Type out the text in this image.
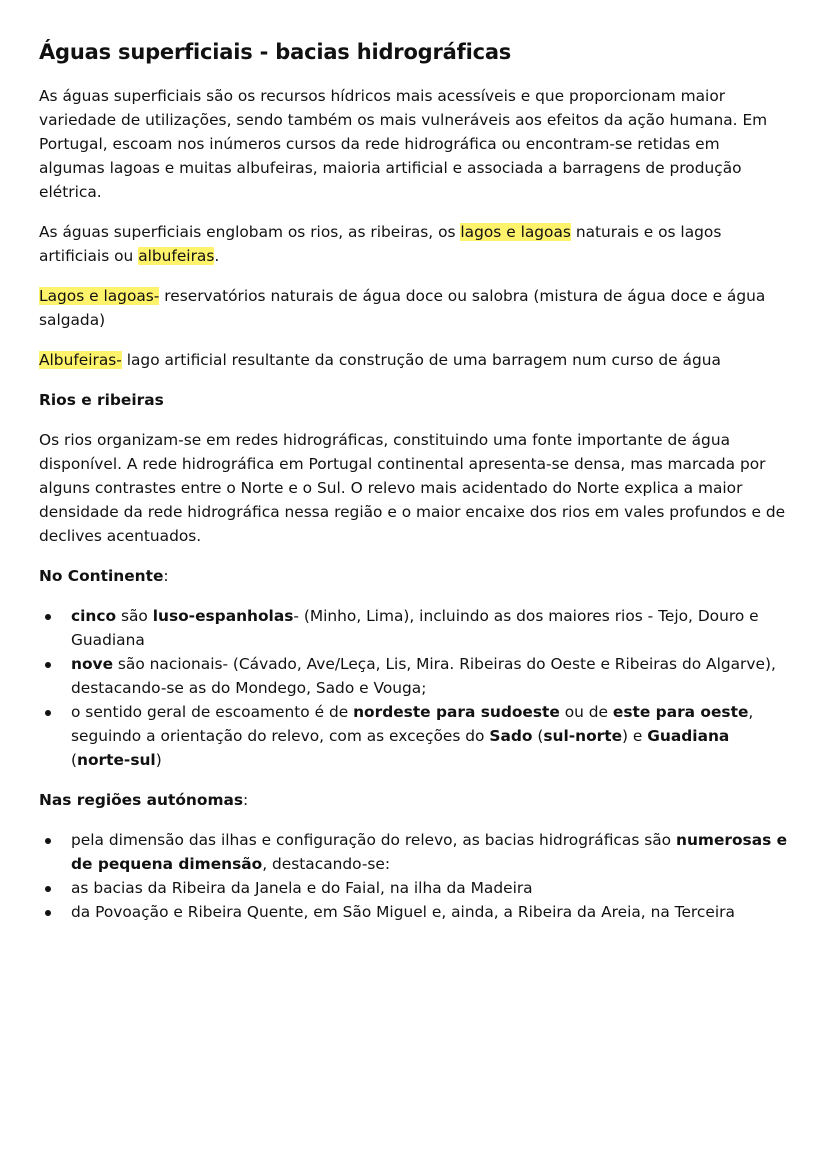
Águas superficiais - bacias hidrográficas

As águas superficiais são os recursos hídricos mais acessíveis e que proporcionam maior variedade de utilizações, sendo também os mais vulneráveis aos efeitos da ação humana. Em Portugal, escoam nos inúmeros cursos da rede hidrográfica ou encontram-se retidas em algumas lagoas e muitas albufeiras, maioria artificial e associada a barragens de produção elétrica.

As águas superficiais englobam os rios, as ribeiras, os lagos e lagoas naturais e os lagos artificiais ou albufeiras.

Lagos e lagoas- reservatórios naturais de água doce ou salobra (mistura de água doce e água salgada)

Albufeiras- lago artificial resultante da construção de uma barragem num curso de água

Rios e ribeiras

Os rios organizam-se em redes hidrográficas, constituindo uma fonte importante de água disponível. A rede hidrográfica em Portugal continental apresenta-se densa, mas marcada por alguns contrastes entre o Norte e o Sul. O relevo mais acidentado do Norte explica a maior densidade da rede hidrográfica nessa região e o maior encaixe dos rios em vales profundos e de declives acentuados.

No Continente:

cinco são luso-espanholas- (Minho, Lima), incluindo as dos maiores rios - Tejo, Douro e Guadiana
nove são nacionais- (Cávado, Ave/Leça, Lis, Mira. Ribeiras do Oeste e Ribeiras do Algarve), destacando-se as do Mondego, Sado e Vouga;
o sentido geral de escoamento é de nordeste para sudoeste ou de este para oeste, seguindo a orientação do relevo, com as exceções do Sado (sul-norte) e Guadiana (norte-sul)

Nas regiões autónomas:

pela dimensão das ilhas e configuração do relevo, as bacias hidrográficas são numerosas e de pequena dimensão, destacando-se:
as bacias da Ribeira da Janela e do Faial, na ilha da Madeira
da Povoação e Ribeira Quente, em São Miguel e, ainda, a Ribeira da Areia, na Terceira
